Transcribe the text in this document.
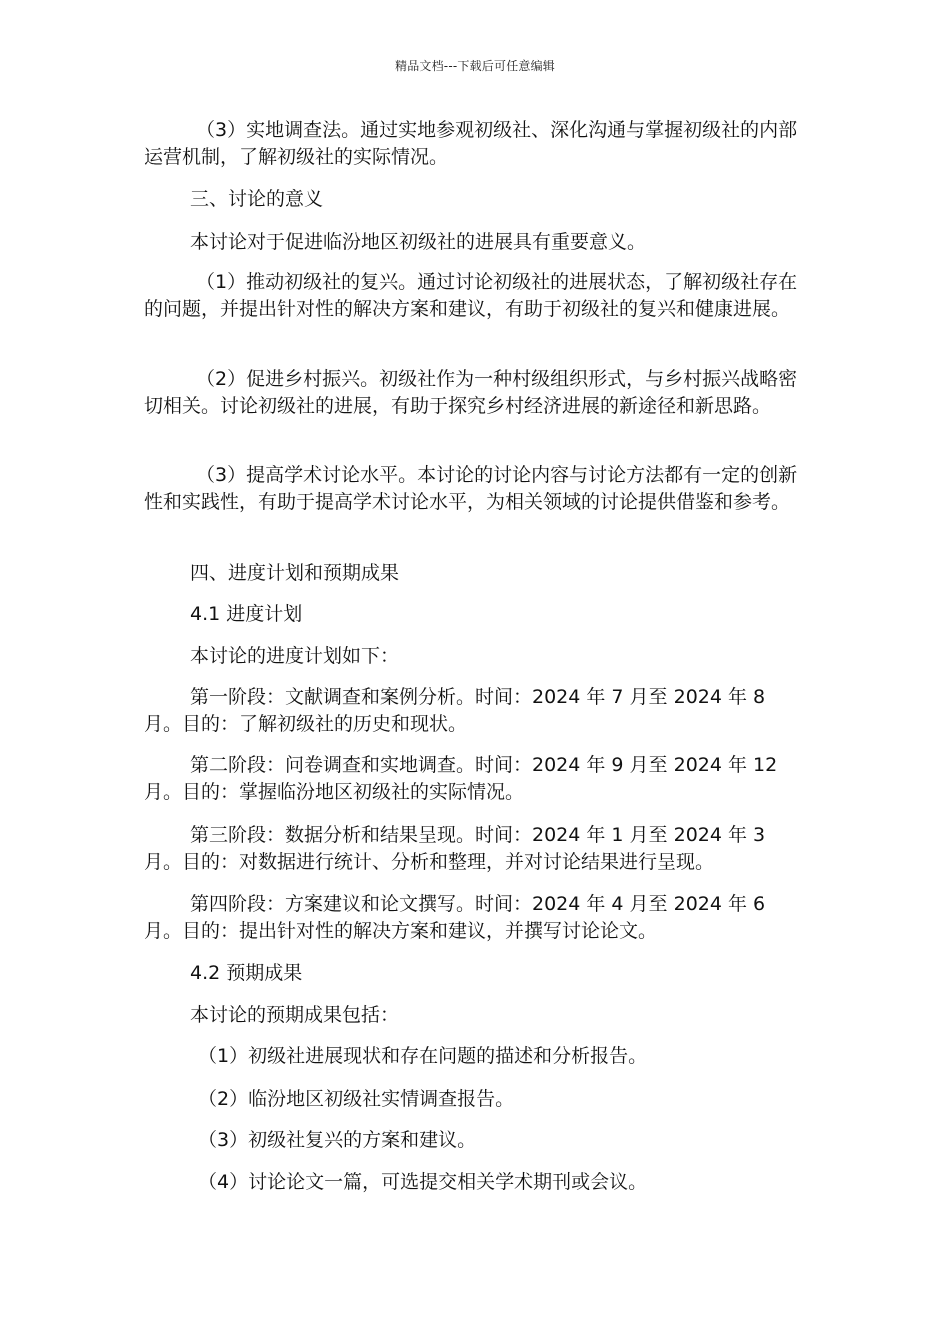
精品文档---下载后可任意编辑

（3）实地调查法。通过实地参观初级社、深化沟通与掌握初级社的内部运营机制，了解初级社的实际情况。

三、讨论的意义

本讨论对于促进临汾地区初级社的进展具有重要意义。

（1）推动初级社的复兴。通过讨论初级社的进展状态，了解初级社存在的问题，并提出针对性的解决方案和建议，有助于初级社的复兴和健康进展。

（2）促进乡村振兴。初级社作为一种村级组织形式，与乡村振兴战略密切相关。讨论初级社的进展，有助于探究乡村经济进展的新途径和新思路。

（3）提高学术讨论水平。本讨论的讨论内容与讨论方法都有一定的创新性和实践性，有助于提高学术讨论水平，为相关领域的讨论提供借鉴和参考。

四、进度计划和预期成果

4.1 进度计划

本讨论的进度计划如下：

第一阶段：文献调查和案例分析。时间：2024 年 7 月至 2024 年 8 月。目的：了解初级社的历史和现状。

第二阶段：问卷调查和实地调查。时间：2024 年 9 月至 2024 年 12 月。目的：掌握临汾地区初级社的实际情况。

第三阶段：数据分析和结果呈现。时间：2024 年 1 月至 2024 年 3 月。目的：对数据进行统计、分析和整理，并对讨论结果进行呈现。

第四阶段：方案建议和论文撰写。时间：2024 年 4 月至 2024 年 6 月。目的：提出针对性的解决方案和建议，并撰写讨论论文。

4.2 预期成果

本讨论的预期成果包括：

（1）初级社进展现状和存在问题的描述和分析报告。

（2）临汾地区初级社实情调查报告。

（3）初级社复兴的方案和建议。

（4）讨论论文一篇，可选提交相关学术期刊或会议。
